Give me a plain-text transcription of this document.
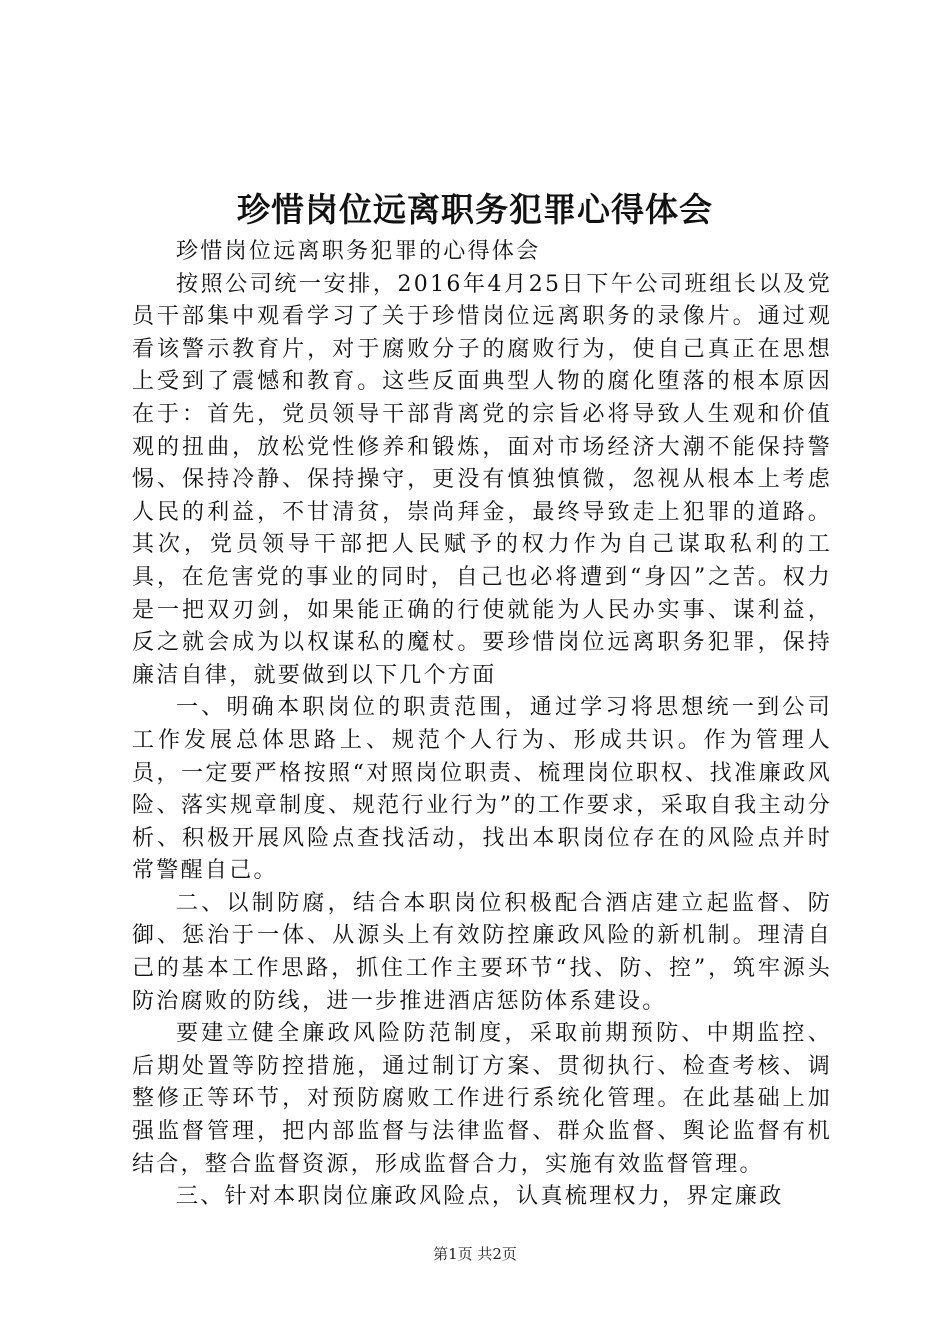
珍惜岗位远离职务犯罪心得体会

珍惜岗位远离职务犯罪的心得体会

按照公司统一安排，2016年4月25日下午公司班组长以及党员干部集中观看学习了关于珍惜岗位远离职务的录像片。通过观看该警示教育片，对于腐败分子的腐败行为，使自己真正在思想上受到了震憾和教育。这些反面典型人物的腐化堕落的根本原因在于：首先，党员领导干部背离党的宗旨必将导致人生观和价值观的扭曲，放松党性修养和锻炼，面对市场经济大潮不能保持警惕、保持冷静、保持操守，更没有慎独慎微，忽视从根本上考虑人民的利益，不甘清贫，崇尚拜金，最终导致走上犯罪的道路。其次，党员领导干部把人民赋予的权力作为自己谋取私利的工具，在危害党的事业的同时，自己也必将遭到“身囚”之苦。权力是一把双刃剑，如果能正确的行使就能为人民办实事、谋利益，反之就会成为以权谋私的魔杖。要珍惜岗位远离职务犯罪，保持廉洁自律，就要做到以下几个方面

一、明确本职岗位的职责范围，通过学习将思想统一到公司工作发展总体思路上、规范个人行为、形成共识。作为管理人员，一定要严格按照“对照岗位职责、梳理岗位职权、找准廉政风险、落实规章制度、规范行业行为”的工作要求，采取自我主动分析、积极开展风险点查找活动，找出本职岗位存在的风险点并时常警醒自己。

二、以制防腐，结合本职岗位积极配合酒店建立起监督、防御、惩治于一体、从源头上有效防控廉政风险的新机制。理清自己的基本工作思路，抓住工作主要环节“找、防、控”，筑牢源头防治腐败的防线，进一步推进酒店惩防体系建设。

要建立健全廉政风险防范制度，采取前期预防、中期监控、后期处置等防控措施，通过制订方案、贯彻执行、检查考核、调整修正等环节，对预防腐败工作进行系统化管理。在此基础上加强监督管理，把内部监督与法律监督、群众监督、舆论监督有机结合，整合监督资源，形成监督合力，实施有效监督管理。

三、针对本职岗位廉政风险点，认真梳理权力，界定廉政

第1页 共2页
